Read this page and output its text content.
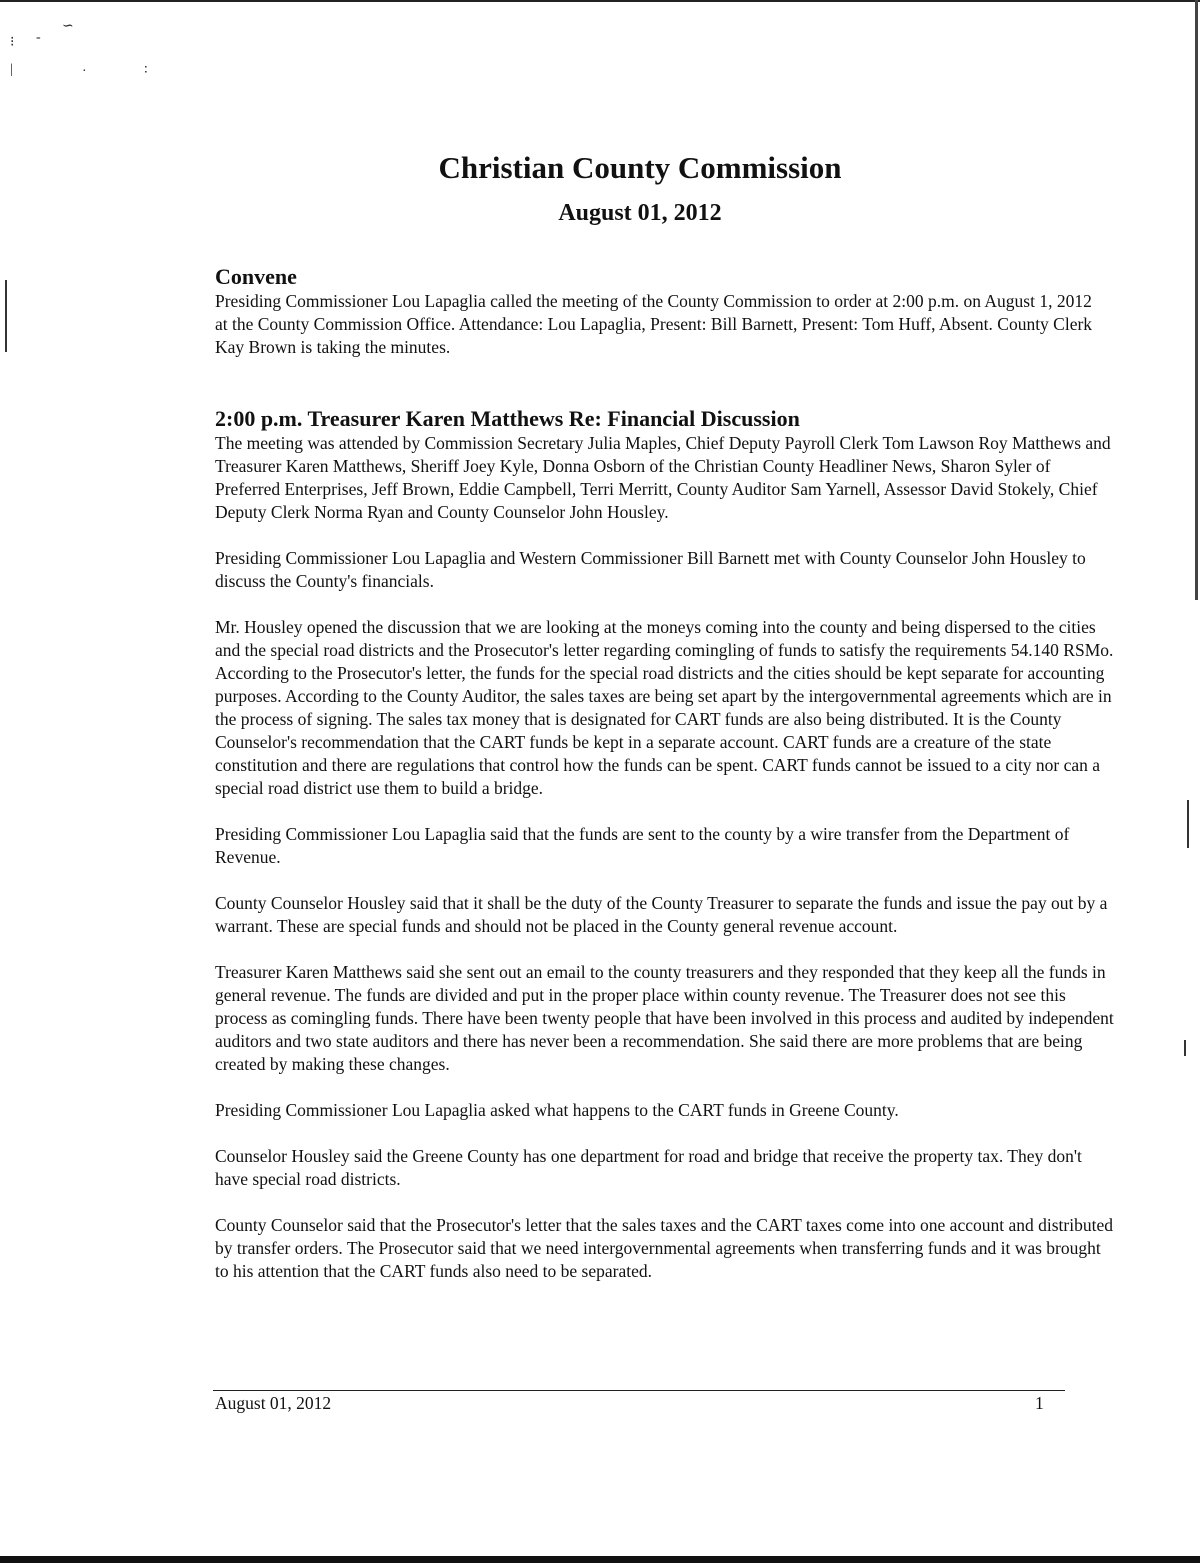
⁝ -
∽
|	·	∶
Christian County Commission
August 01, 2012
Convene

Presiding Commissioner Lou Lapaglia called the meeting of the County Commission to order at 2:00 p.m. on August 1, 2012 at the County Commission Office. Attendance: Lou Lapaglia, Present: Bill Barnett, Present: Tom Huff, Absent. County Clerk Kay Brown is taking the minutes.

2:00 p.m. Treasurer Karen Matthews Re: Financial Discussion

The meeting was attended by Commission Secretary Julia Maples, Chief Deputy Payroll Clerk Tom Lawson Roy Matthews and Treasurer Karen Matthews, Sheriff Joey Kyle, Donna Osborn of the Christian County Headliner News, Sharon Syler of Preferred Enterprises, Jeff Brown, Eddie Campbell, Terri Merritt, County Auditor Sam Yarnell, Assessor David Stokely, Chief Deputy Clerk Norma Ryan and County Counselor John Housley.

Presiding Commissioner Lou Lapaglia and Western Commissioner Bill Barnett met with County Counselor John Housley to discuss the County's financials.

Mr. Housley opened the discussion that we are looking at the moneys coming into the county and being dispersed to the cities and the special road districts and the Prosecutor's letter regarding comingling of funds to satisfy the requirements 54.140 RSMo. According to the Prosecutor's letter, the funds for the special road districts and the cities should be kept separate for accounting purposes. According to the County Auditor, the sales taxes are being set apart by the intergovernmental agreements which are in the process of signing. The sales tax money that is designated for CART funds are also being distributed. It is the County Counselor's recommendation that the CART funds be kept in a separate account. CART funds are a creature of the state constitution and there are regulations that control how the funds can be spent. CART funds cannot be issued to a city nor can a special road district use them to build a bridge.

Presiding Commissioner Lou Lapaglia said that the funds are sent to the county by a wire transfer from the Department of Revenue.

County Counselor Housley said that it shall be the duty of the County Treasurer to separate the funds and issue the pay out by a warrant. These are special funds and should not be placed in the County general revenue account.

Treasurer Karen Matthews said she sent out an email to the county treasurers and they responded that they keep all the funds in general revenue. The funds are divided and put in the proper place within county revenue. The Treasurer does not see this process as comingling funds. There have been twenty people that have been involved in this process and audited by independent auditors and two state auditors and there has never been a recommendation. She said there are more problems that are being created by making these changes.

Presiding Commissioner Lou Lapaglia asked what happens to the CART funds in Greene County.

Counselor Housley said the Greene County has one department for road and bridge that receive the property tax. They don't have special road districts.

County Counselor said that the Prosecutor's letter that the sales taxes and the CART taxes come into one account and distributed by transfer orders. The Prosecutor said that we need intergovernmental agreements when transferring funds and it was brought to his attention that the CART funds also need to be separated.

August 01, 2012	1
